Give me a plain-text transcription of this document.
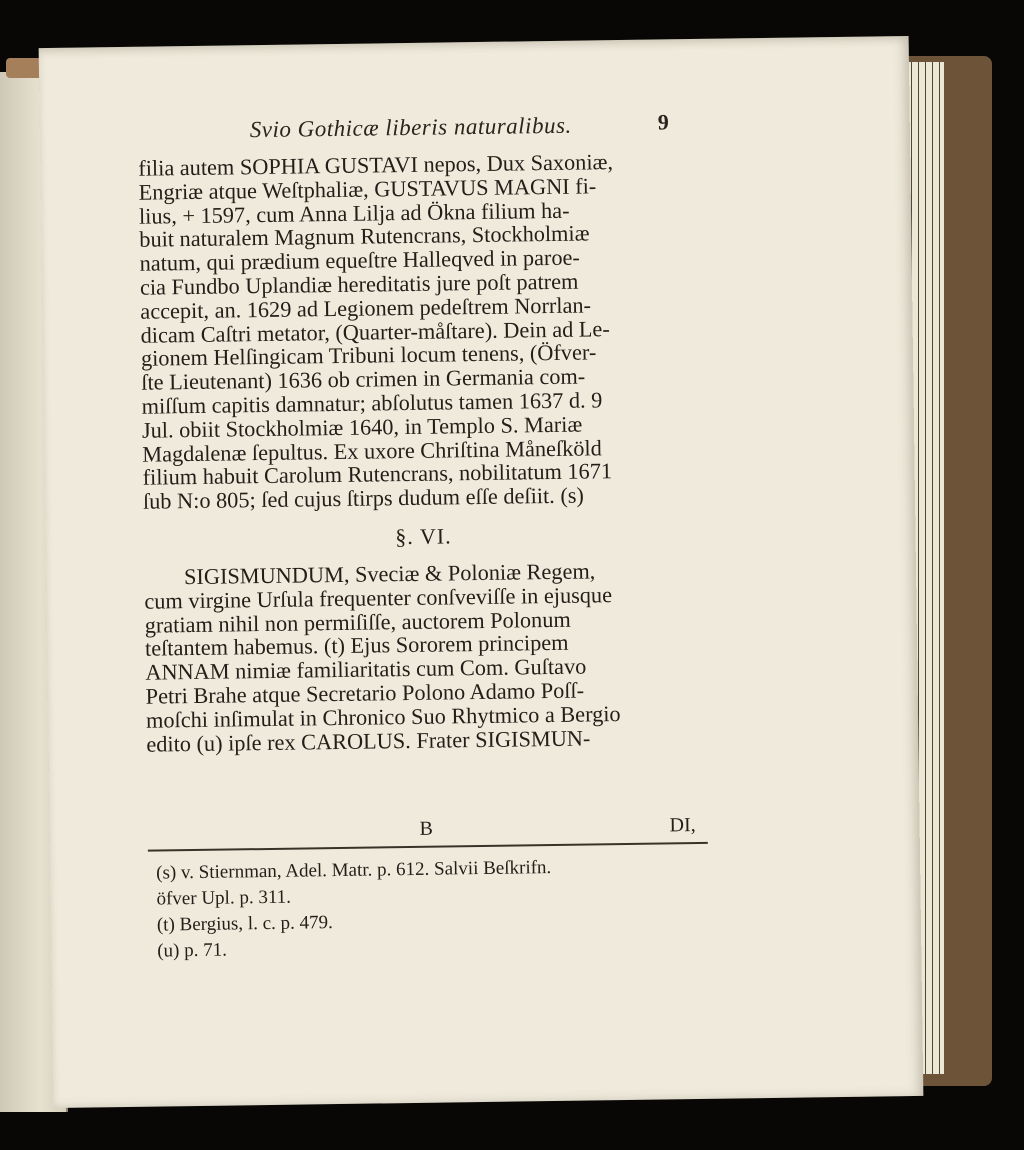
Svio Gothicæ liberis naturalibus.	9
filia autem SOPHIA GUSTAVI nepos, Dux Saxoniæ,
Engriæ atque Weſtphaliæ, GUSTAVUS MAGNI fi-
lius, + 1597, cum Anna Lilja ad Ökna filium ha-
buit naturalem Magnum Rutencrans, Stockholmiæ
natum, qui prædium equeſtre Halleqved in paroe-
cia Fundbo Uplandiæ hereditatis jure poſt patrem
accepit, an. 1629 ad Legionem pedeſtrem Norrlan-
dicam Caſtri metator, (Quarter-måſtare). Dein ad Le-
gionem Helſingicam Tribuni locum tenens, (Öfver-
ſte Lieutenant) 1636 ob crimen in Germania com-
miſſum capitis damnatur; abſolutus tamen 1637 d. 9
Jul. obiit Stockholmiæ 1640, in Templo S. Mariæ
Magdalenæ ſepultus. Ex uxore Chriſtina Måneſköld
filium habuit Carolum Rutencrans, nobilitatum 1671
ſub N:o 805; ſed cujus ſtirps dudum eſſe deſiit. (s)
§. VI.
SIGISMUNDUM, Sveciæ & Poloniæ Regem,
cum virgine Urſula frequenter conſveviſſe in ejusque
gratiam nihil non permiſiſſe, auctorem Polonum
teſtantem habemus. (t) Ejus Sororem principem
ANNAM nimiæ familiaritatis cum Com. Guſtavo
Petri Brahe atque Secretario Polono Adamo Poſſ-
moſchi inſimulat in Chronico Suo Rhytmico a Bergio
edito (u) ipſe rex CAROLUS. Frater SIGISMUN-
B	DI,
(s) v. Stiernman, Adel. Matr. p. 612. Salvii Beſkrifn.
öfver Upl. p. 311.
(t) Bergius, l. c. p. 479.
(u) p. 71.
